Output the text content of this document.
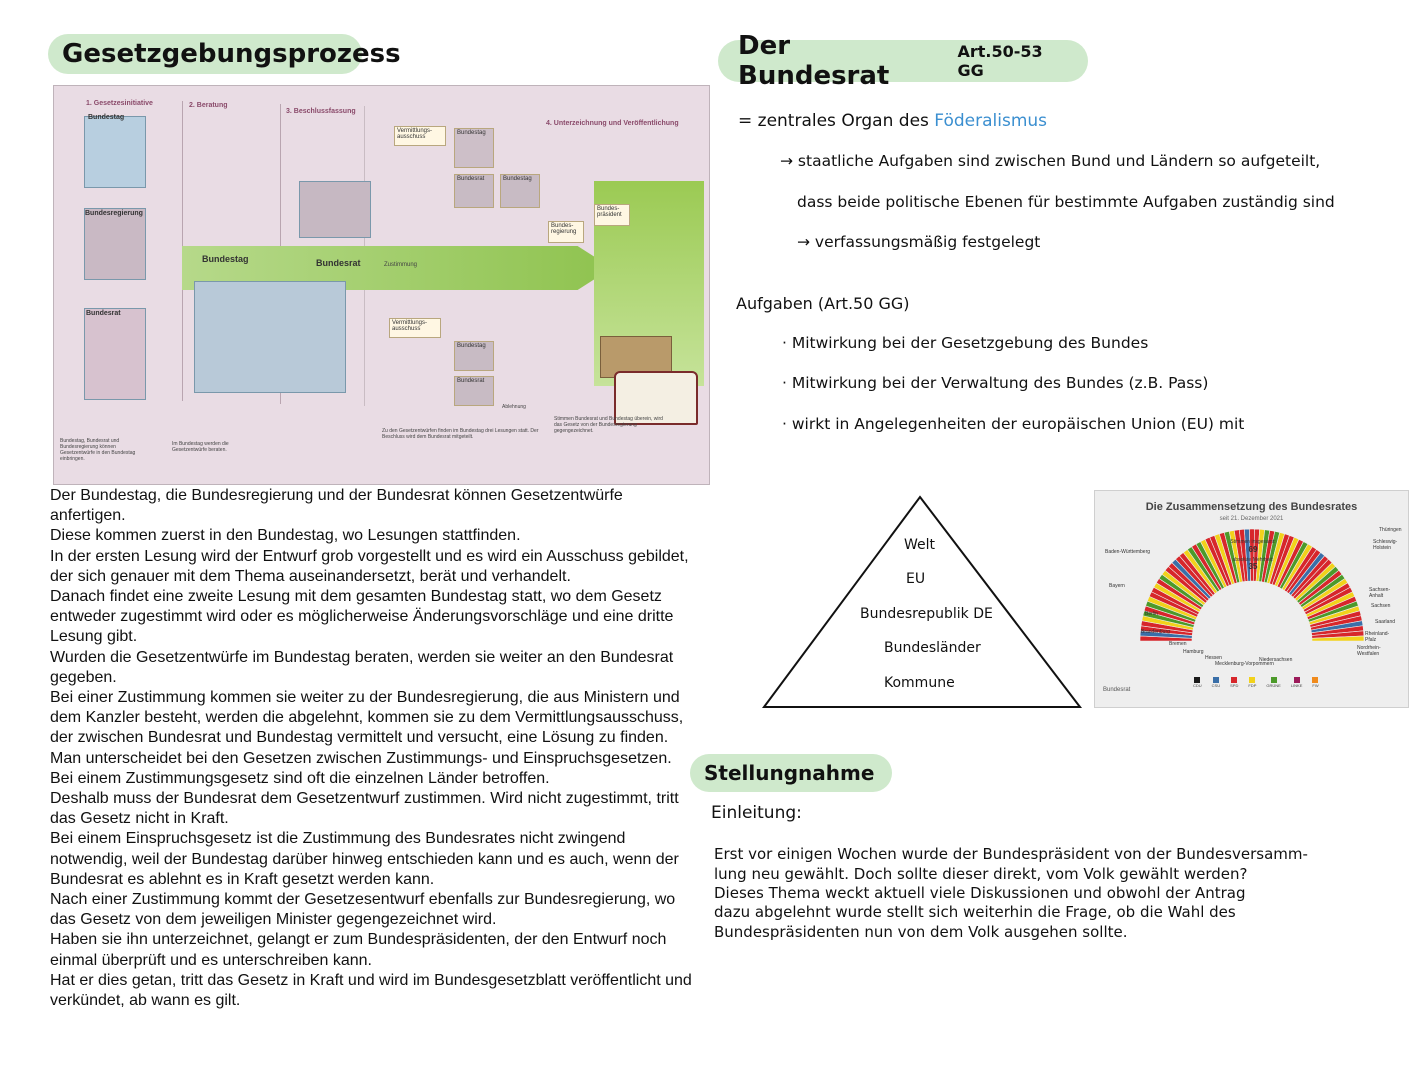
Gesetzgebungsprozess
1. Gesetzesinitiative	2. Beratung
3. Beschlussfassung
4. Unterzeichnung und Veröffentlichung
Bundestag
Bundesregierung
Bundesrat
Bundestag	Bundesrat	Zustimmung
Vermittlungs-ausschuss
Vermittlungs-ausschuss
Bundestag
Bundesrat	Bundestag
Bundes-regierung
Bundes-präsident
Bundestag
Bundesrat
Ablehnung
Bundestag, Bundesrat und Bundesregierung können Gesetzentwürfe in den Bundestag einbringen.
Im Bundestag werden die Gesetzentwürfe beraten.
Zu den Gesetzentwürfen finden im Bundestag drei Lesungen statt. Der Beschluss wird dem Bundesrat mitgeteilt.
Stimmen Bundesrat und Bundestag überein, wird das Gesetz von der Bundesregierung gegengezeichnet.

Der Bundestag, die Bundesregierung und der Bundesrat können Gesetzentwürfe anfertigen.

Diese kommen zuerst in den Bundestag, wo Lesungen stattfinden.

In der ersten Lesung wird der Entwurf grob vorgestellt und es wird ein Ausschuss gebildet, der sich genauer mit dem Thema auseinandersetzt, berät und verhandelt.

Danach findet eine zweite Lesung mit dem gesamten Bundestag statt, wo dem Gesetz entweder zugestimmt wird oder es möglicherweise Änderungsvorschläge und eine dritte Lesung gibt.

Wurden die Gesetzentwürfe im Bundestag beraten, werden sie weiter an den Bundesrat gegeben.

Bei einer Zustimmung kommen sie weiter zu der Bundesregierung, die aus Ministern und dem Kanzler besteht, werden die abgelehnt, kommen sie zu dem Vermittlungsausschuss, der zwischen Bundesrat und Bundestag vermittelt und versucht, eine Lösung zu finden.

Man unterscheidet bei den Gesetzen zwischen Zustimmungs- und Einspruchsgesetzen.

Bei einem Zustimmungsgesetz sind oft die einzelnen Länder betroffen.

Deshalb muss der Bundesrat dem Gesetzentwurf zustimmen. Wird nicht zugestimmt, tritt das Gesetz nicht in Kraft.

Bei einem Einspruchsgesetz ist die Zustimmung des Bundesrates nicht zwingend notwendig, weil der Bundestag darüber hinweg entschieden kann und es auch, wenn der Bundesrat es ablehnt es in Kraft gesetzt werden kann.

Nach einer Zustimmung kommt der Gesetzesentwurf ebenfalls zur Bundesregierung, wo das Gesetz von dem jeweiligen Minister gegengezeichnet wird.

Haben sie ihn unterzeichnet, gelangt er zum Bundespräsidenten, der den Entwurf noch einmal überprüft und es unterschreiben kann.

Hat er dies getan, tritt das Gesetz in Kraft und wird im Bundesgesetzblatt veröffentlicht und verkündet, ab wann es gilt.

Der Bundesrat
Art.50-53 GG
= zentrales Organ des Föderalismus
→ staatliche Aufgaben sind zwischen Bund und Ländern so aufgeteilt,
dass beide politische Ebenen für bestimmte Aufgaben zuständig sind
→ verfassungsmäßig festgelegt
Aufgaben (Art.50 GG)
· Mitwirkung bei der Gesetzgebung des Bundes
· Mitwirkung bei der Verwaltung des Bundes (z.B. Pass)
· wirkt in Angelegenheiten der europäischen Union (EU) mit
Welt
EU
Bundesrepublik DE
Bundesländer
Kommune
Die Zusammensetzung des Bundesrates
seit 21. Dezember 2021
Stimmen insgesamt:
69
absolute Mehrheit:
35
Baden-Württemberg
Bayern
Berlin
Brandenburg
Bremen
Hamburg
Hessen
Mecklenburg-Vorpommern
Niedersachsen
Thüringen
Schleswig-Holstein
Sachsen-Anhalt
Sachsen
Saarland
Rheinland-Pfalz
Nordrhein-Westfalen
CDU	CSU	SPD	FDP	GRÜNE	LINKE	FW
Bundesrat
Stellungnahme
Einleitung:
Erst vor einigen Wochen wurde der Bundespräsident von der Bundesversamm-
lung neu gewählt. Doch sollte dieser direkt, vom Volk gewählt werden?
Dieses Thema weckt aktuell viele Diskussionen und obwohl der Antrag
dazu abgelehnt wurde stellt sich weiterhin die Frage, ob die Wahl des
Bundespräsidenten nun von dem Volk ausgehen sollte.
